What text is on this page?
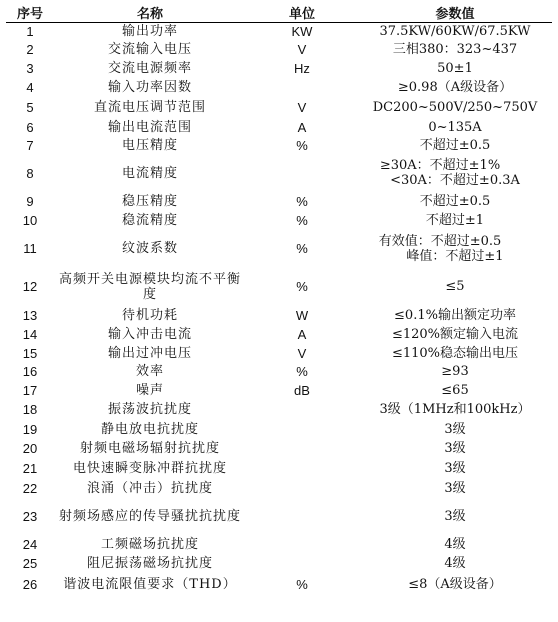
序号	名称	单位	参数值
1	输出功率	KW	37.5KW/60KW/67.5KW

2	交流输入电压	V	三相380：323~437

3	交流电源频率	Hz	50±1

4	输入功率因数		≥0.98（A级设备）

5	直流电压调节范围	V	DC200~500V/250~750V

6	输出电流范围	A	0~135A

7	电压精度	%	不超过±0.5

8	电流精度		≥30A：不超过±1%
<30A：不超过±0.3A

9	稳压精度	%	不超过±0.5

10	稳流精度	%	不超过±1

11	纹波系数	%	有效值：不超过±0.5
峰值：不超过±1

12	高频开关电源模块均流不平衡度	%	≤5

13	待机功耗	W	≤0.1%输出额定功率

14	输入冲击电流	A	≤120%额定输入电流

15	输出过冲电压	V	≤110%稳态输出电压

16	效率	%	≥93

17	噪声	dB	≤65

18	振荡波抗扰度		3级（1MHz和100kHz）

19	静电放电抗扰度		3级

20	射频电磁场辐射抗扰度		3级

21	电快速瞬变脉冲群抗扰度		3级

22	浪涌（冲击）抗扰度		3级

23	射频场感应的传导骚扰抗扰度		3级

24	工频磁场抗扰度		4级

25	阻尼振荡磁场抗扰度		4级

26	谐波电流限值要求（THD）	%	≤8（A级设备）
